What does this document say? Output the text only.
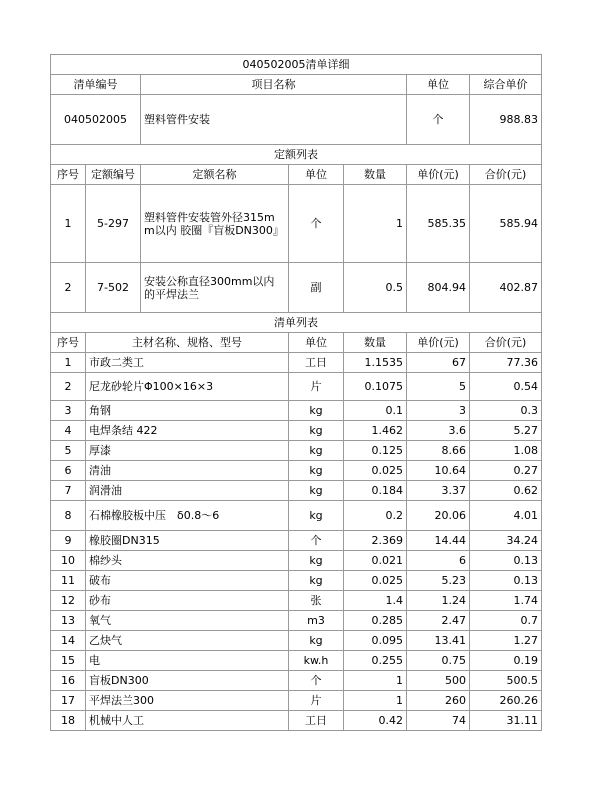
040502005清单详细						
清单编号		项目名称			单位	综合单价
040502005		塑料管件安装			个	988.83
定额列表						
序号	定额编号	定额名称	单位	数量	单价(元)	合价(元)
1	5-297	塑料管件安装管外径315mm以内 胶圈『盲板DN300』	个	1	585.35	585.94
2	7-502	安装公称直径300mm以内的平焊法兰	副	0.5	804.94	402.87
清单列表						
序号	主材名称、规格、型号		单位	数量	单价(元)	合价(元)
1	市政二类工		工日	1.1535	67	77.36
2	尼龙砂轮片Φ100×16×3		片	0.1075	5	0.54
3	角钢		kg	0.1	3	0.3
4	电焊条结 422		kg	1.462	3.6	5.27
5	厚漆		kg	0.125	8.66	1.08
6	清油		kg	0.025	10.64	0.27
7	润滑油		kg	0.184	3.37	0.62
8	石棉橡胶板中压　δ0.8～6		kg	0.2	20.06	4.01
9	橡胶圈DN315		个	2.369	14.44	34.24
10	棉纱头		kg	0.021	6	0.13
11	破布		kg	0.025	5.23	0.13
12	砂布		张	1.4	1.24	1.74
13	氧气		m3	0.285	2.47	0.7
14	乙炔气		kg	0.095	13.41	1.27
15	电		kw.h	0.255	0.75	0.19
16	盲板DN300		个	1	500	500.5
17	平焊法兰300		片	1	260	260.26
18	机械中人工		工日	0.42	74	31.11
